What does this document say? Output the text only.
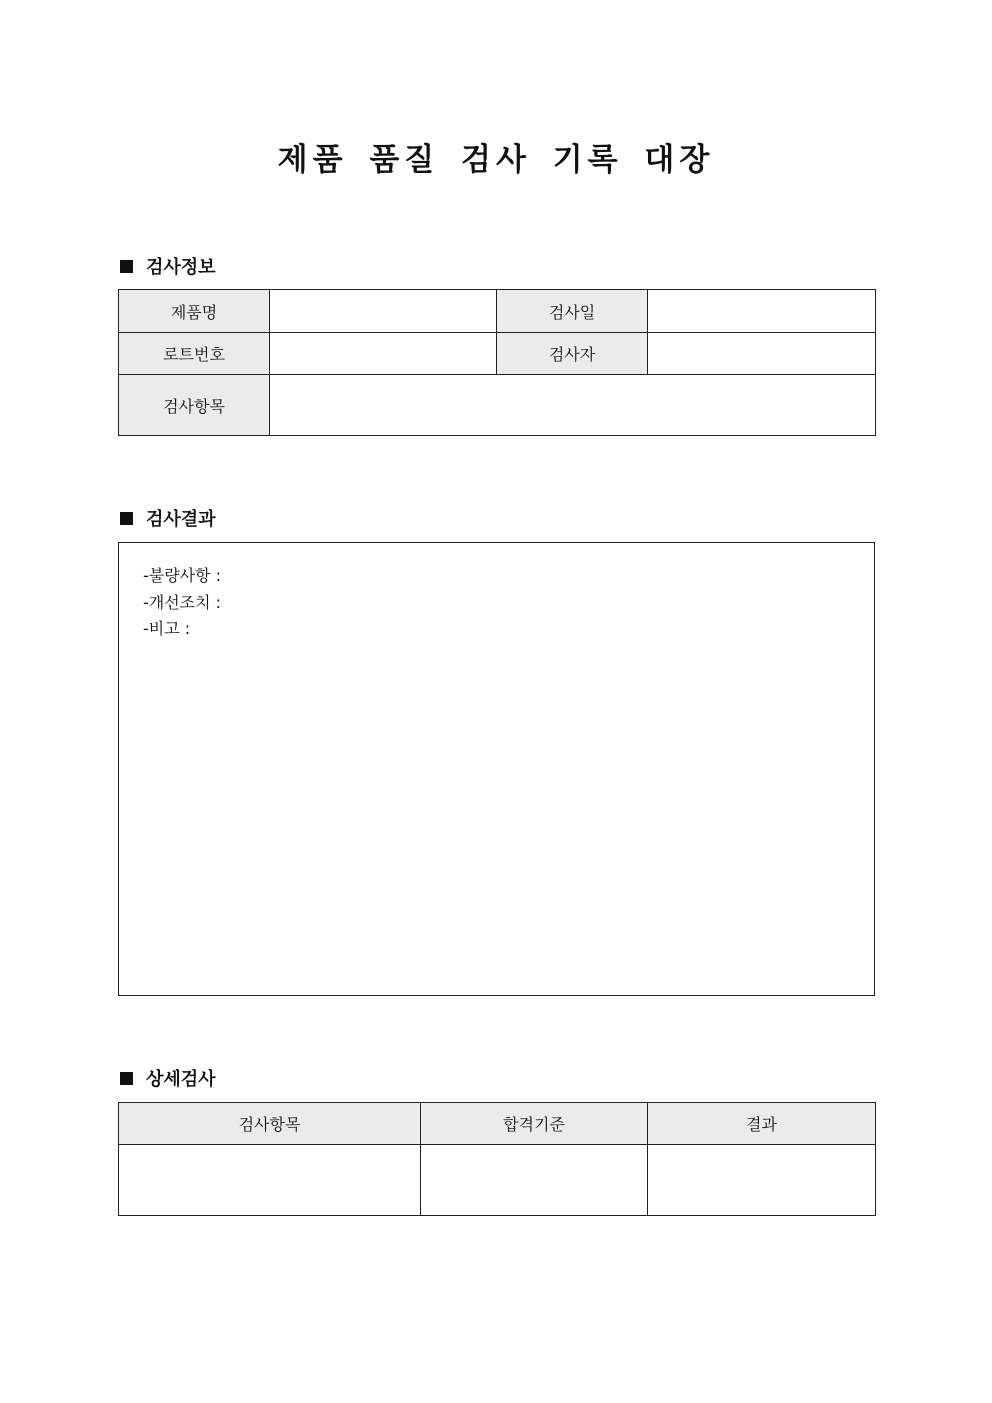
제품 품질 검사 기록 대장
검사정보
제품명		검사일	
로트번호		검사자	
검사항목			
검사결과
-불량사항 :
-개선조치 :
-비고 :
상세검사
검사항목	합격기준	결과
